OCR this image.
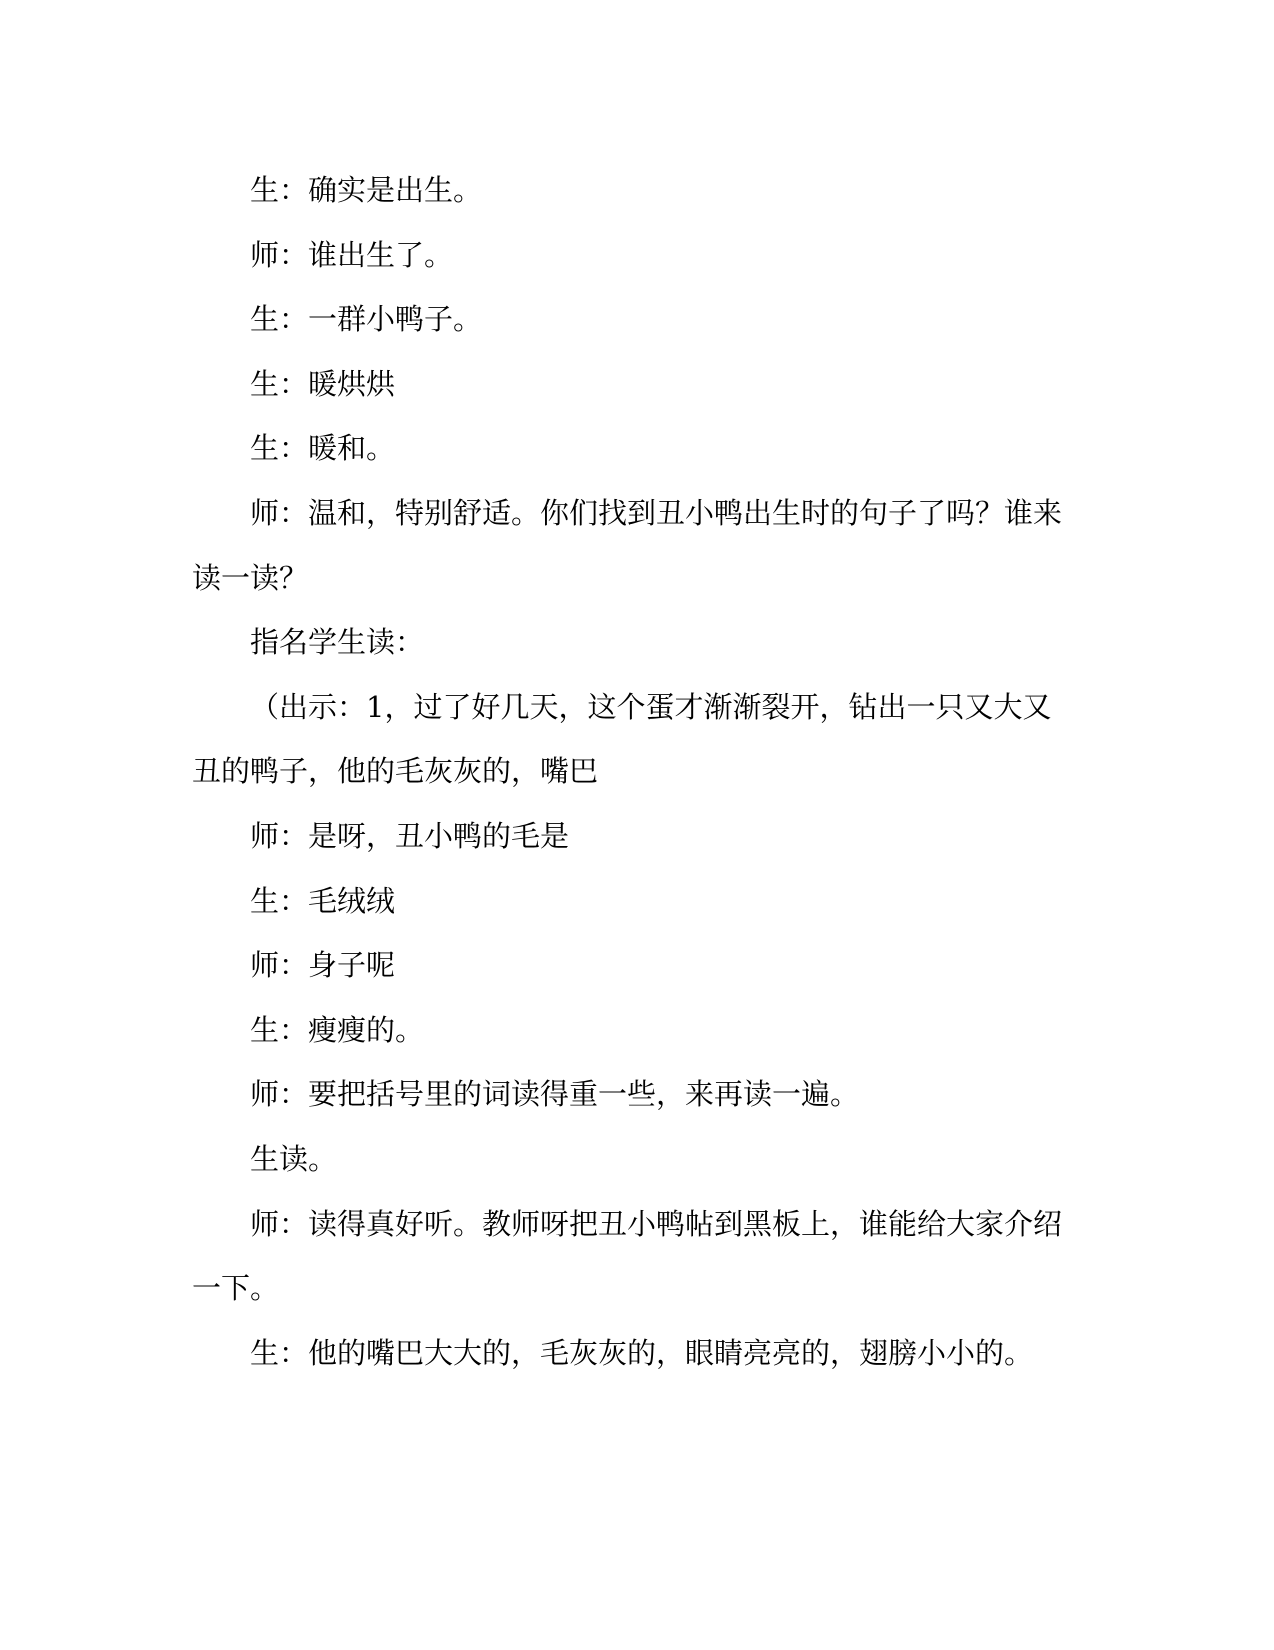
生：确实是出生。

师：谁出生了。

生：一群小鸭子。

生：暖烘烘

生：暖和。

师：温和，特别舒适。你们找到丑小鸭出生时的句子了吗？谁来读一读？

指名学生读：

（出示：1，过了好几天，这个蛋才渐渐裂开，钻出一只又大又丑的鸭子，他的毛灰灰的，嘴巴

师：是呀，丑小鸭的毛是

生：毛绒绒

师：身子呢

生：瘦瘦的。

师：要把括号里的词读得重一些，来再读一遍。

生读。

师：读得真好听。教师呀把丑小鸭帖到黑板上，谁能给大家介绍一下。

生：他的嘴巴大大的，毛灰灰的，眼睛亮亮的，翅膀小小的。
